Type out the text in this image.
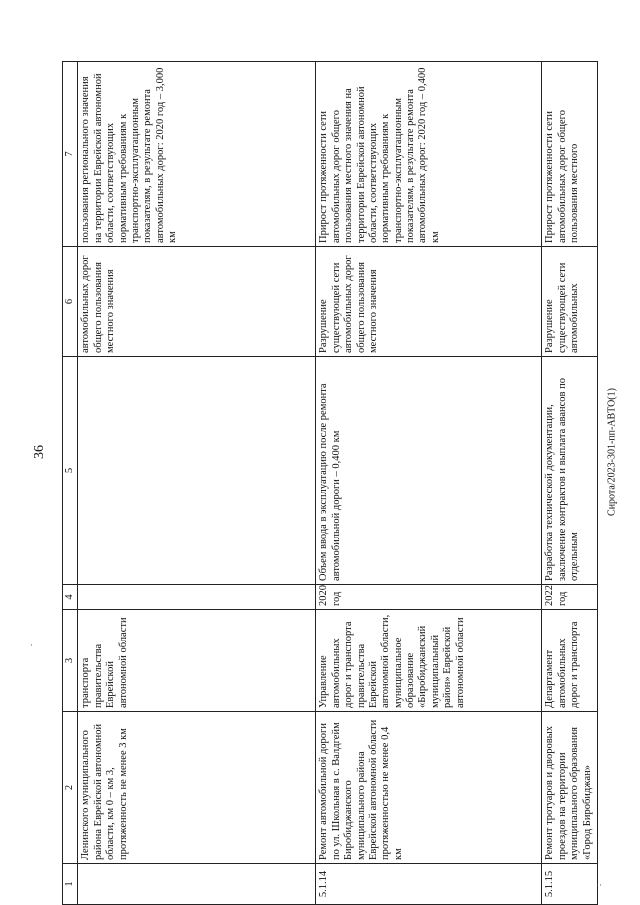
36	Сирота/2023-301-пп-АВТО(1)
1	2	3	4	5	6	7
	Ленинского муниципального района Еврейской автономной области, км 0 – км 3, протяженность не менее 3 км	транспорта правительства Еврейской автономной области			автомобильных дорог общего пользования местного значения	пользования регионального значения на территории Еврейской автономной области, соответствующих нормативным требованиям к транспортно-эксплуатационным показателям, в результате ремонта автомобильных дорог: 2020 год – 3,000 км
5.1.14	Ремонт автомобильной дороги по ул. Школьная в с. Валдгейм Биробиджанского муниципального района Еврейской автономной области протяженностью не менее 0,4 км	Управление автомобильных дорог и транспорта правительства Еврейской автономной области, муниципальное образование «Биробиджанский муниципальный район» Еврейской автономной области	2020 год	Объем ввода в эксплуатацию после ремонта автомобильной дороги – 0,400 км	Разрушение существующей сети автомобильных дорог общего пользования местного значения	Прирост протяженности сети автомобильных дорог общего пользования местного значения на территории Еврейской автономной области, соответствующих нормативным требованиям к транспортно-эксплуатационным показателям, в результате ремонта автомобильных дорог: 2020 год – 0,400 км
5.1.15	Ремонт тротуаров и дворовых проездов на территории муниципального образования «Город Биробиджан»	Департамент автомобильных дорог и транспорта	2022 год	Разработка технической документации, заключение контрактов и выплата авансов по отдельным	Разрушение существующей сети автомобильных	Прирост протяженности сети автомобильных дорог общего пользования местного
·
··
